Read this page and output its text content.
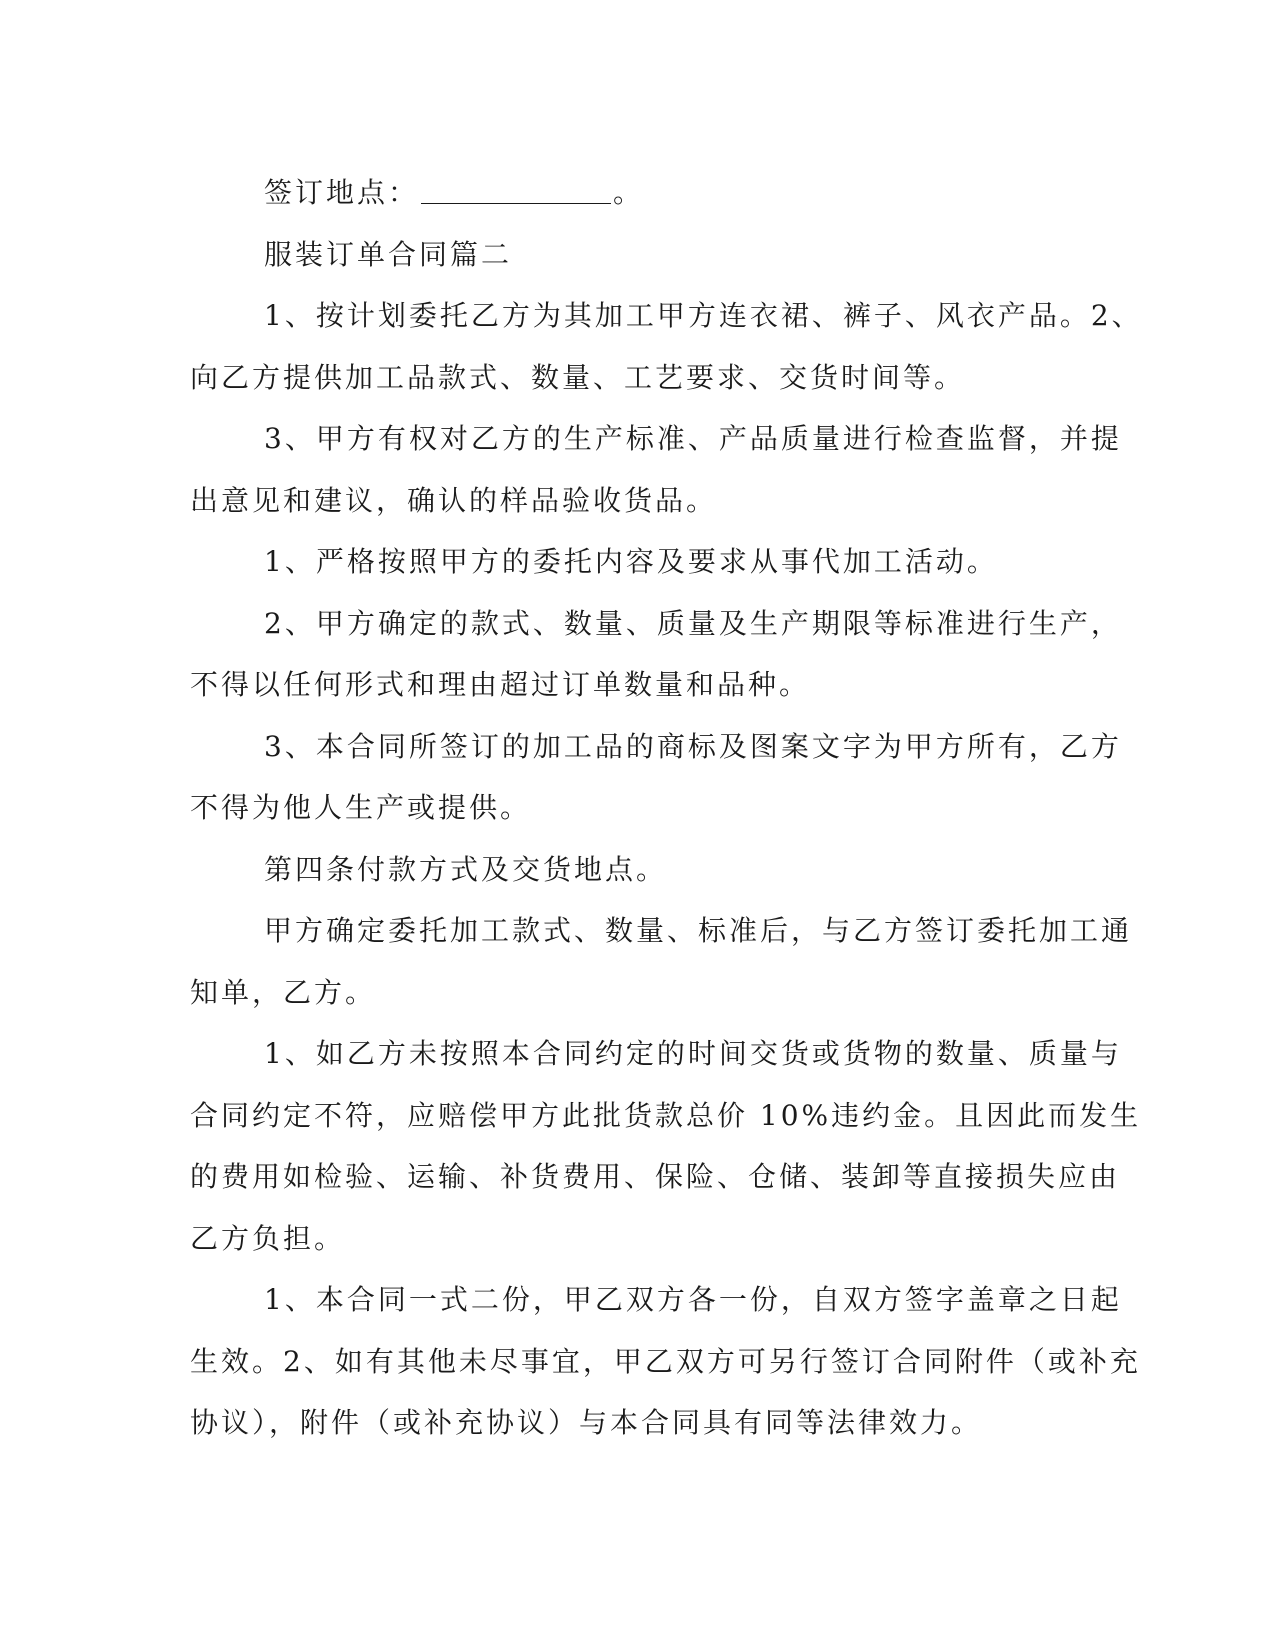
签订地点：	。

服装订单合同篇二

1、按计划委托乙方为其加工甲方连衣裙、裤子、风衣产品。2、
向乙方提供加工品款式、数量、工艺要求、交货时间等。
3、甲方有权对乙方的生产标准、产品质量进行检查监督，并提
出意见和建议，确认的样品验收货品。
1、严格按照甲方的委托内容及要求从事代加工活动。
2、甲方确定的款式、数量、质量及生产期限等标准进行生产，
不得以任何形式和理由超过订单数量和品种。
3、本合同所签订的加工品的商标及图案文字为甲方所有，乙方
不得为他人生产或提供。
第四条付款方式及交货地点。
甲方确定委托加工款式、数量、标准后，与乙方签订委托加工通
知单，乙方。
1、如乙方未按照本合同约定的时间交货或货物的数量、质量与
合同约定不符，应赔偿甲方此批货款总价 10%违约金。且因此而发生
的费用如检验、运输、补货费用、保险、仓储、装卸等直接损失应由
乙方负担。
1、本合同一式二份，甲乙双方各一份，自双方签字盖章之日起
生效。2、如有其他未尽事宜，甲乙双方可另行签订合同附件（或补充
协议），附件（或补充协议）与本合同具有同等法律效力。
